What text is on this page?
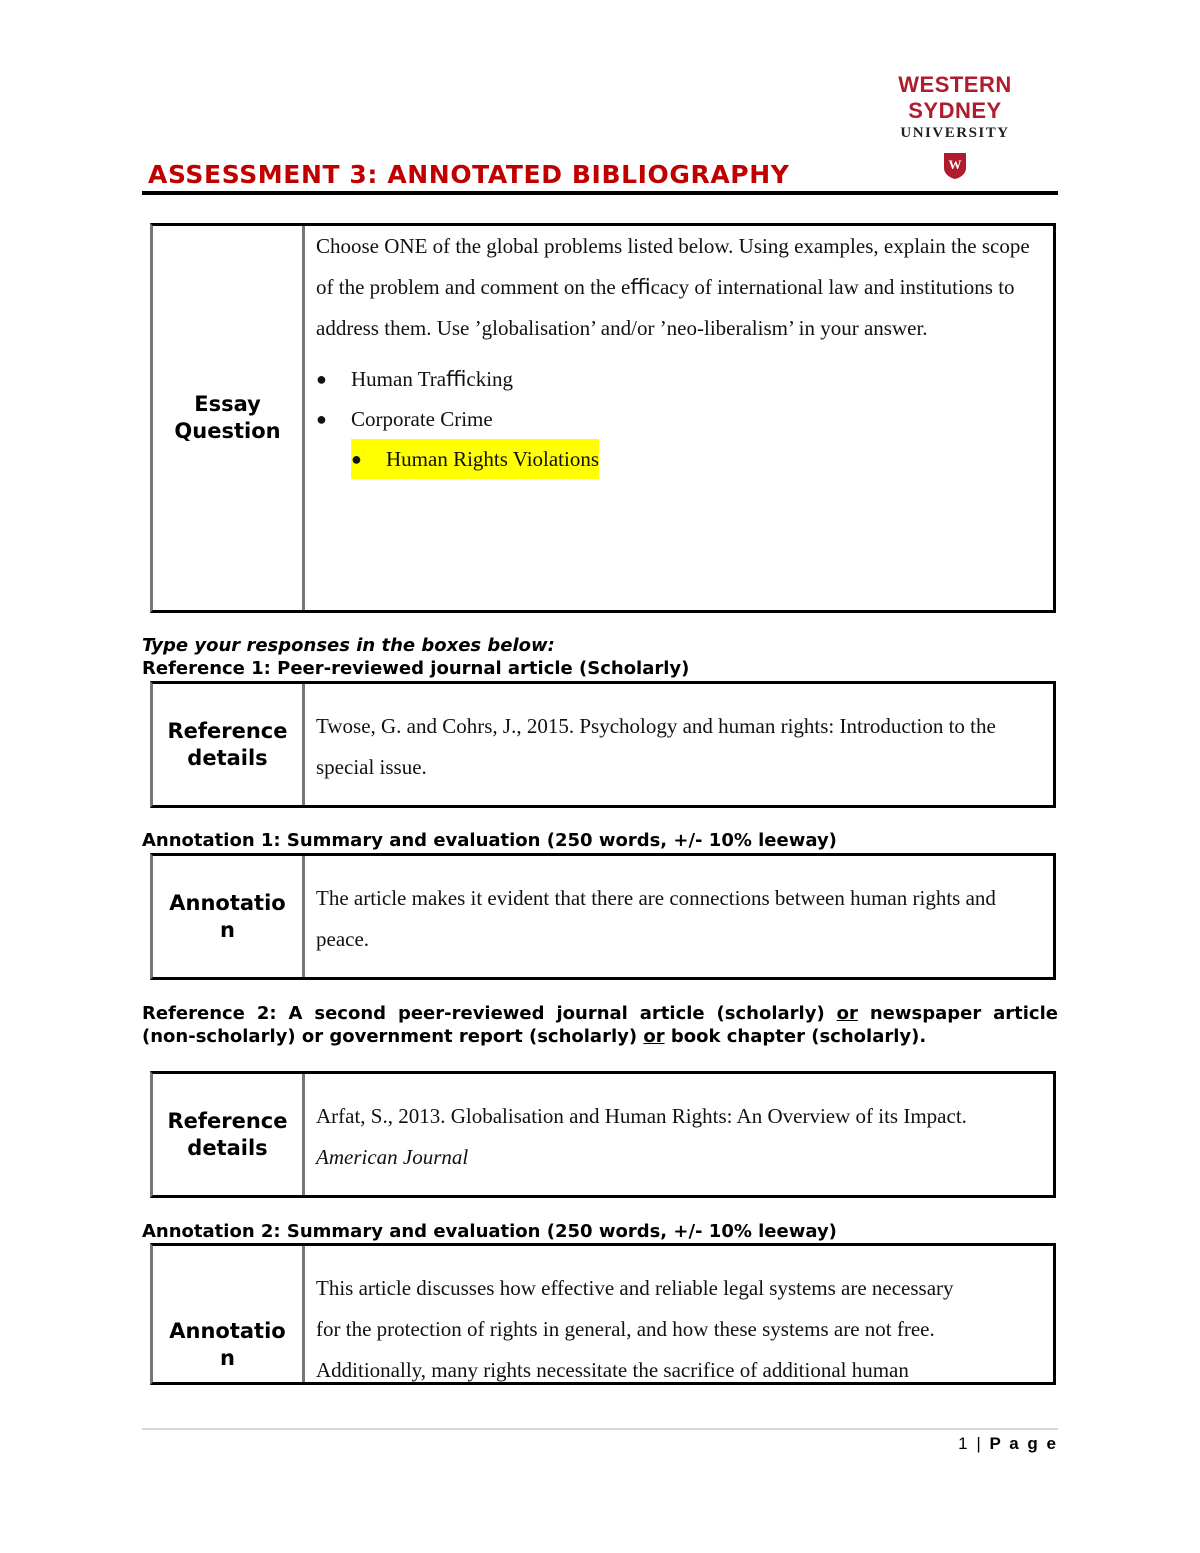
WESTERN SYDNEY
UNIVERSITY
W
ASSESSMENT 3: ANNOTATED BIBLIOGRAPHY
Essay Question
Choose ONE of the global problems listed below. Using examples, explain the scope of the problem and comment on the eﬃcacy of international law and institutions to address them. Use ’globalisation’ and/or ’neo-liberalism’ in your answer.
● Human Traﬃcking
● Corporate Crime
● Human Rights Violations
Type your responses in the boxes below:
Reference 1: Peer-reviewed journal article (Scholarly)
Reference details
Twose, G. and Cohrs, J., 2015. Psychology and human rights: Introduction to the special issue.
Annotation 1: Summary and evaluation (250 words, +/- 10% leeway)
Annotatio
n
The article makes it evident that there are connections between human rights and peace.
Reference 2: A second peer-reviewed journal article (scholarly) or newspaper article (non-scholarly) or government report (scholarly) or book chapter (scholarly).
Reference details
Arfat, S., 2013. Globalisation and Human Rights: An Overview of its Impact. American Journal
Annotation 2: Summary and evaluation (250 words, +/- 10% leeway)
Annotatio
n
This article discusses how effective and reliable legal systems are necessary
for the protection of rights in general, and how these systems are not free.
Additionally, many rights necessitate the sacrifice of additional human
1 | P a g e
